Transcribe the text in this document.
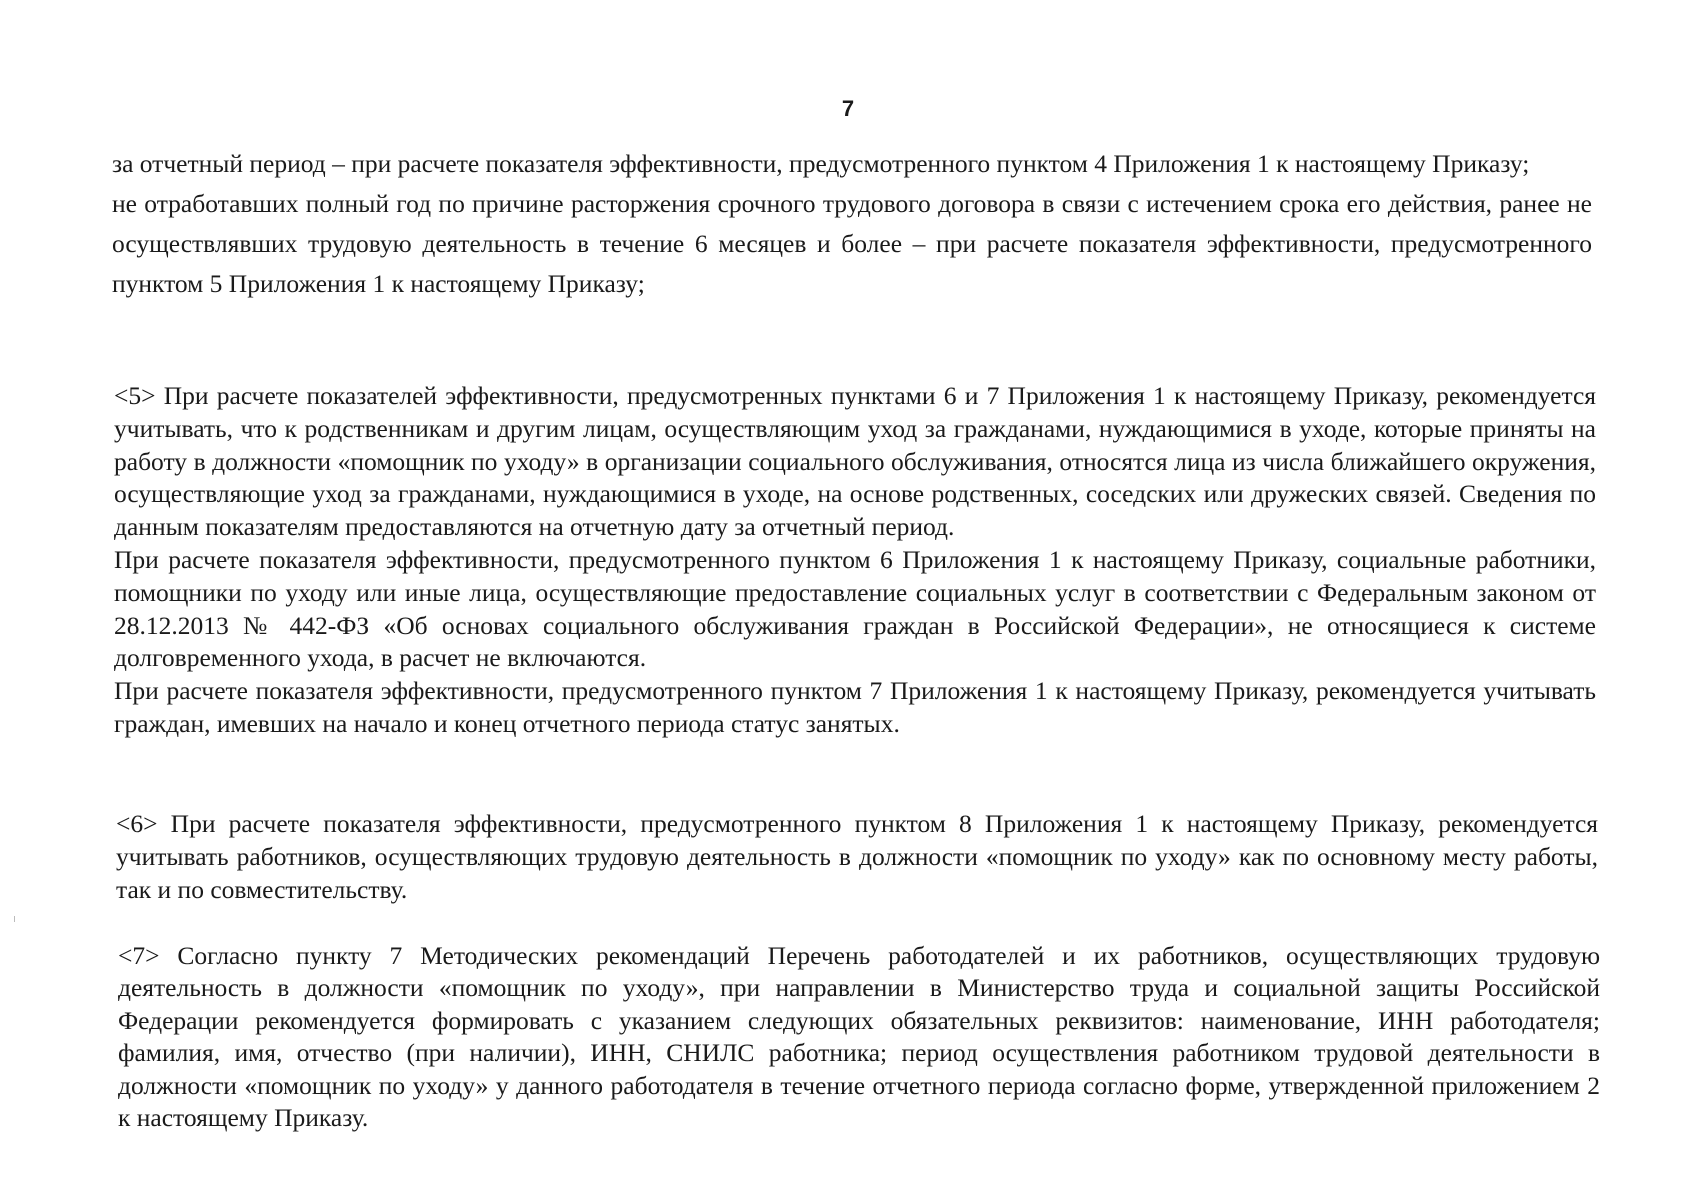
7

за отчетный период – при расчете показателя эффективности, предусмотренного пунктом 4 Приложения 1 к настоящему Приказу;

не отработавших полный год по причине расторжения срочного трудового договора в связи с истечением срока его действия, ранее не осуществлявших трудовую деятельность в течение 6 месяцев и более – при расчете показателя эффективности, предусмотренного пунктом 5 Приложения 1 к настоящему Приказу;

<5> При расчете показателей эффективности, предусмотренных пунктами 6 и 7 Приложения 1 к настоящему Приказу, рекомендуется учитывать, что к родственникам и другим лицам, осуществляющим уход за гражданами, нуждающимися в уходе, которые приняты на работу в должности «помощник по уходу» в организации социального обслуживания, относятся лица из числа ближайшего окружения, осуществляющие уход за гражданами, нуждающимися в уходе, на основе родственных, соседских или дружеских связей. Сведения по данным показателям предоставляются на отчетную дату за отчетный период.

При расчете показателя эффективности, предусмотренного пунктом 6 Приложения 1 к настоящему Приказу, социальные работники, помощники по уходу или иные лица, осуществляющие предоставление социальных услуг в соответствии с Федеральным законом от 28.12.2013 № 442-ФЗ «Об основах социального обслуживания граждан в Российской Федерации», не относящиеся к системе долговременного ухода, в расчет не включаются.

При расчете показателя эффективности, предусмотренного пунктом 7 Приложения 1 к настоящему Приказу, рекомендуется учитывать граждан, имевших на начало и конец отчетного периода статус занятых.

<6> При расчете показателя эффективности, предусмотренного пунктом 8 Приложения 1 к настоящему Приказу, рекомендуется учитывать работников, осуществляющих трудовую деятельность в должности «помощник по уходу» как по основному месту работы, так и по совместительству.

<7> Согласно пункту 7 Методических рекомендаций Перечень работодателей и их работников, осуществляющих трудовую деятельность в должности «помощник по уходу», при направлении в Министерство труда и социальной защиты Российской Федерации рекомендуется формировать с указанием следующих обязательных реквизитов: наименование, ИНН работодателя; фамилия, имя, отчество (при наличии), ИНН, СНИЛС работника; период осуществления работником трудовой деятельности в должности «помощник по уходу» у данного работодателя в течение отчетного периода согласно форме, утвержденной приложением 2 к настоящему Приказу.
